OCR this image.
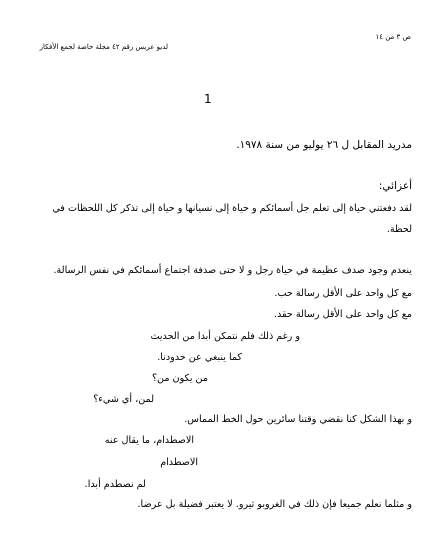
ص ٣ من ١٤
لديو عريس رقم ٤٢ مجلة خاصة لجمع الأفكار
1
مدريد المقابل ل ٢٦ يوليو من سنة ١٩٧٨.
أعزائي:
لقد دفعتني حياة إلى تعلم جل أسمائكم و حياة إلى نسيانها و حياة إلى تذكر كل اللحظات في
لحظة.
ينعدم وجود صدف عظيمة في حياة رجل و لا حتى صدفة اجتماع أسمائكم في نفس الرسالة.
مع كل واحد على الأقل رسالة حب.
مع كل واحد على الأقل رسالة حقد.
و رغم ذلك فلم نتمكن أبدا من الحديث
كما ينبغي عن حدودنا.
من يكون من؟
لمن، أي شيء؟
و بهذا الشكل كنا نقضي وقتنا سائرين حول الخط المماس.
الاصطدام، ما يقال عنه
الاصطدام
لم نصطدم أبدا.
و مثلما نعلم جميعا فإن ذلك في الغروبو ثيرو. لا يعتبر فضيلة بل عرضا.
